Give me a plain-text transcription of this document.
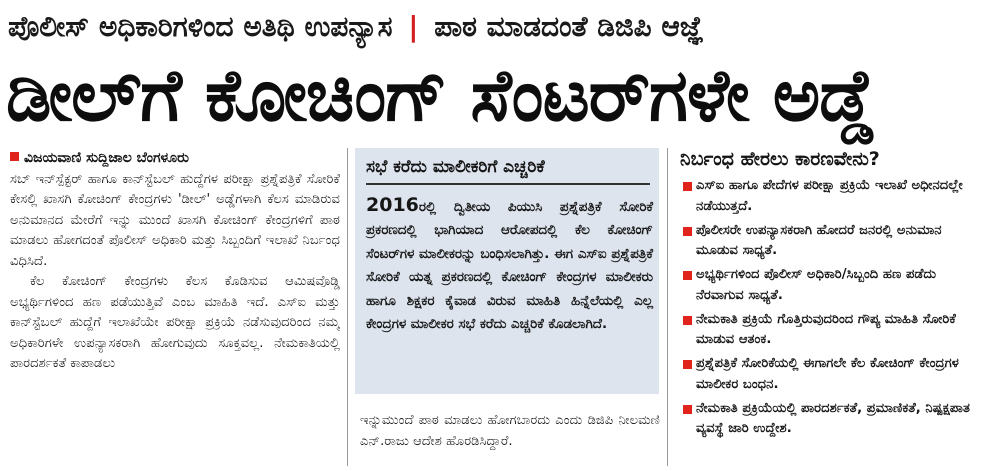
ಪೊಲೀಸ್ ಅಧಿಕಾರಿಗಳಿಂದ ಅತಿಥಿ ಉಪನ್ಯಾಸ | ಪಾಠ ಮಾಡದಂತೆ ಡಿಜಿಪಿ ಆಜ್ಞೆ
ಡೀಲ್‌ಗೆ ಕೋಚಿಂಗ್ ಸೆಂಟರ್‌ಗಳೇ ಅಡ್ಡೆ
ವಿಜಯವಾಣಿ ಸುದ್ದಿಜಾಲ ಬೆಂಗಳೂರು

ಸಬ್ ಇನ್‌ಸ್ಪೆಕ್ಟರ್ ಹಾಗೂ ಕಾನ್‌ಸ್ಟೆಬಲ್ ಹುದ್ದೆಗಳ ಪರೀಕ್ಷಾ ಪ್ರಶ್ನೆಪತ್ರಿಕೆ ಸೋರಿಕೆ ಕೇಸಲ್ಲಿ ಖಾಸಗಿ ಕೋಚಿಂಗ್ ಕೇಂದ್ರಗಳು 'ಡೀಲ್' ಅಡ್ಡೆಗಳಾಗಿ ಕೆಲಸ ಮಾಡಿರುವ ಅನುಮಾನದ ಮೇರೆಗೆ ಇನ್ನು ಮುಂದೆ ಖಾಸಗಿ ಕೋಚಿಂಗ್ ಕೇಂದ್ರಗಳಿಗೆ ಪಾಠ ಮಾಡಲು ಹೋಗದಂತೆ ಪೊಲೀಸ್ ಅಧಿಕಾರಿ ಮತ್ತು ಸಿಬ್ಬಂದಿಗೆ ಇಲಾಖೆ ನಿರ್ಬಂಧ ವಿಧಿಸಿದೆ.

ಕೆಲ ಕೋಚಿಂಗ್ ಕೇಂದ್ರಗಳು ಕೆಲಸ ಕೊಡಿಸುವ ಆಮಿಷವೊಡ್ಡಿ ಅಭ್ಯರ್ಥಿಗಳಿಂದ ಹಣ ಪಡೆಯುತ್ತಿವೆ ಎಂಬ ಮಾಹಿತಿ ಇದೆ. ಎಸ್‌ಐ ಮತ್ತು ಕಾನ್‌ಸ್ಟೆಬಲ್ ಹುದ್ದೆಗೆ ಇಲಾಖೆಯೇ ಪರೀಕ್ಷಾ ಪ್ರಕ್ರಿಯೆ ನಡೆಸುವುದರಿಂದ ನಮ್ಮ ಅಧಿಕಾರಿಗಳೇ ಉಪನ್ಯಾಸಕರಾಗಿ ಹೋಗುವುದು ಸೂಕ್ತವಲ್ಲ. ನೇಮಕಾತಿಯಲ್ಲಿ ಪಾರದರ್ಶಕತೆ ಕಾಪಾಡಲು

ಸಭೆ ಕರೆದು ಮಾಲೀಕರಿಗೆ ಎಚ್ಚರಿಕೆ
2016ರಲ್ಲಿ ದ್ವಿತೀಯ ಪಿಯುಸಿ ಪ್ರಶ್ನೆಪತ್ರಿಕೆ ಸೋರಿಕೆ ಪ್ರಕರಣದಲ್ಲಿ ಭಾಗಿಯಾದ ಆರೋಪದಲ್ಲಿ ಕೆಲ ಕೋಚಿಂಗ್ ಸೆಂಟರ್‌ಗಳ ಮಾಲೀಕರನ್ನು ಬಂಧಿಸಲಾಗಿತ್ತು. ಈಗ ಎಸ್‌ಐ ಪ್ರಶ್ನೆಪತ್ರಿಕೆ ಸೋರಿಕೆ ಯತ್ನ ಪ್ರಕರಣದಲ್ಲಿ ಕೋಚಿಂಗ್ ಕೇಂದ್ರಗಳ ಮಾಲೀಕರು ಹಾಗೂ ಶಿಕ್ಷಕರ ಕೈವಾಡ ವಿರುವ ಮಾಹಿತಿ ಹಿನ್ನೆಲೆಯಲ್ಲಿ ಎಲ್ಲ ಕೇಂದ್ರಗಳ ಮಾಲೀಕರ ಸಭೆ ಕರೆದು ಎಚ್ಚರಿಕೆ ಕೊಡಲಾಗಿದೆ.
ಇನ್ನುಮುಂದೆ ಪಾಠ ಮಾಡಲು ಹೋಗಬಾರದು ಎಂದು ಡಿಜಿಪಿ ನೀಲಮಣಿ ಎನ್.ರಾಜು ಆದೇಶ ಹೊರಡಿಸಿದ್ದಾರೆ.
ನಿರ್ಬಂಧ ಹೇರಲು ಕಾರಣವೇನು?
ಎಸ್‌ಐ ಹಾಗೂ ಪೇದೆಗಳ ಪರೀಕ್ಷಾ ಪ್ರಕ್ರಿಯೆ ಇಲಾಖೆ ಅಧೀನದಲ್ಲೇ ನಡೆಯುತ್ತದೆ.
ಪೊಲೀಸರೇ ಉಪನ್ಯಾಸಕರಾಗಿ ಹೋದರೆ ಜನರಲ್ಲಿ ಅನುಮಾನ ಮೂಡುವ ಸಾಧ್ಯತೆ.
ಅಭ್ಯರ್ಥಿಗಳಿಂದ ಪೊಲೀಸ್ ಅಧಿಕಾರಿ/ಸಿಬ್ಬಂದಿ ಹಣ ಪಡೆದು ನೆರವಾಗುವ ಸಾಧ್ಯತೆ.
ನೇಮಕಾತಿ ಪ್ರಕ್ರಿಯೆ ಗೊತ್ತಿರುವುದರಿಂದ ಗೌಪ್ಯ ಮಾಹಿತಿ ಸೋರಿಕೆ ಮಾಡುವ ಆತಂಕ.
ಪ್ರಶ್ನೆಪತ್ರಿಕೆ ಸೋರಿಕೆಯಲ್ಲಿ ಈಗಾಗಲೇ ಕೆಲ ಕೋಚಿಂಗ್ ಕೇಂದ್ರಗಳ ಮಾಲೀಕರ ಬಂಧನ.
ನೇಮಕಾತಿ ಪ್ರಕ್ರಿಯೆಯಲ್ಲಿ ಪಾರದರ್ಶಕತೆ, ಪ್ರಮಾಣಿಕತೆ, ನಿಷ್ಪಕ್ಷಪಾತ ವ್ಯವಸ್ಥೆ ಜಾರಿ ಉದ್ದೇಶ.
